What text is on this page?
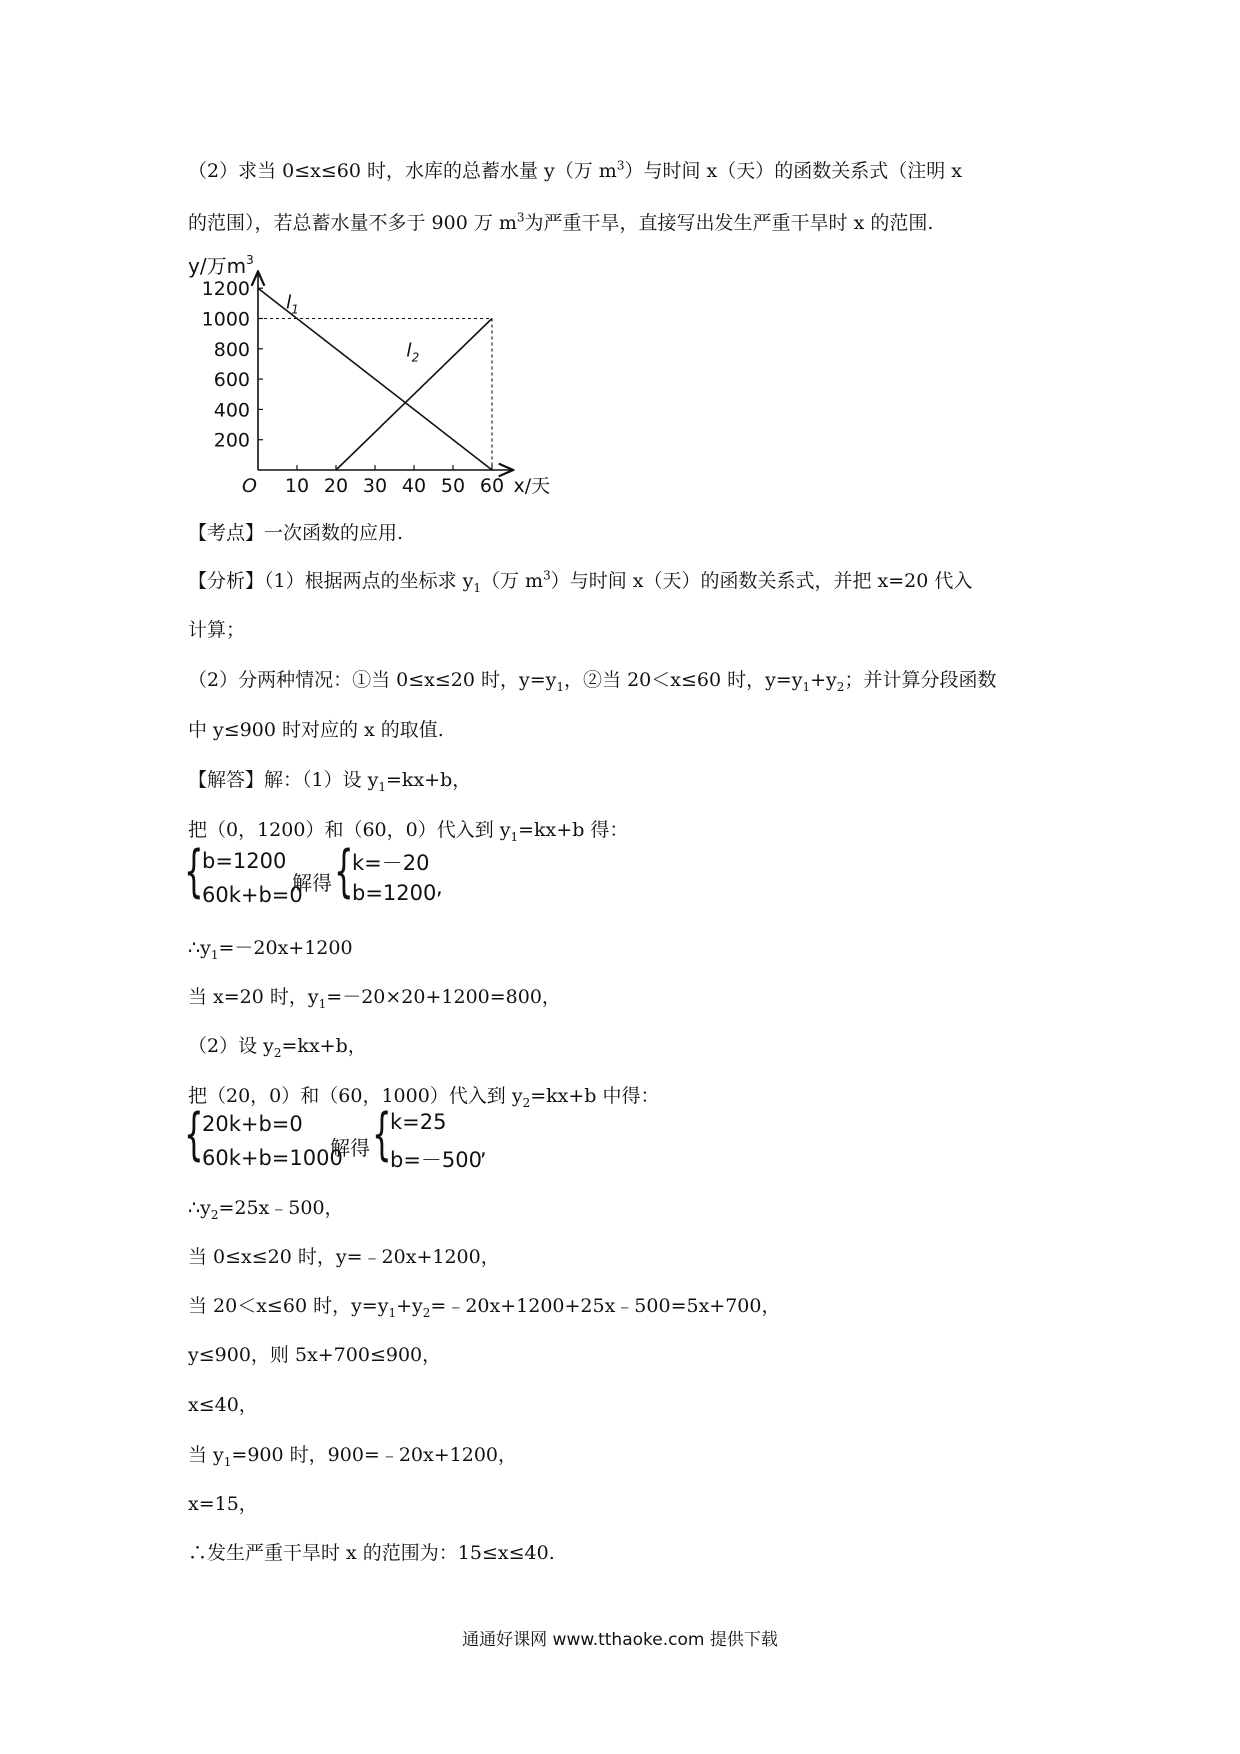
（2）求当 0≤x≤60 时，水库的总蓄水量 y（万 $m^3$）与时间 x（天）的函数关系式（注明 x
的范围），若总蓄水量不多于 900 万 $m^3$为严重干旱，直接写出发生严重干旱时 x 的范围.
y/万$m^3$
O 10 20 30 40 50 60 x/天
200
400
600
800
1000
1200
$l_1$
$l_2$
【考点】一次函数的应用.
【分析】（1）根据两点的坐标求 $y_1$（万 $m^3$）与时间 x（天）的函数关系式，并把 x=20 代入
计算；
（2）分两种情况：①当 0≤x≤20 时，$y=y_1$，②当 20＜x≤60 时，$y=y_1+y_2$；并计算分段函数
中 y≤900 时对应的 x 的取值.
【解答】解：（1）设 $y_1=kx+b$，
把（0，1200）和（60，0）代入到 $y_1=kx+b$ 得：
{
b=1200
60k+b=0
解得 {
k=－20
b=1200 ,
$\therefore y_1=-20x+1200$
当 x=20 时，$y_1=-20\times 20+1200=800$，
（2）设 $y_2=kx+b$，
把（20，0）和（60，1000）代入到 $y_2=kx+b$ 中得：
{
20k+b=0
60k+b=1000
解得 {
k=25
b=－500
,
$\therefore y_2=25x﹣500$，
当 0≤x≤20 时，y=﹣20x+1200，
当 20＜x≤60 时，$y=y_1+y_2=﹣20x+1200+25x﹣500=5x+700$，
y≤900，则 5x+700≤900，
x≤40，
当 $y_1=900$ 时，900=﹣20x+1200，
x=15，
∴发生严重干旱时 x 的范围为：15≤x≤40.
通通好课网 www.tthaoke.com 提供下载
